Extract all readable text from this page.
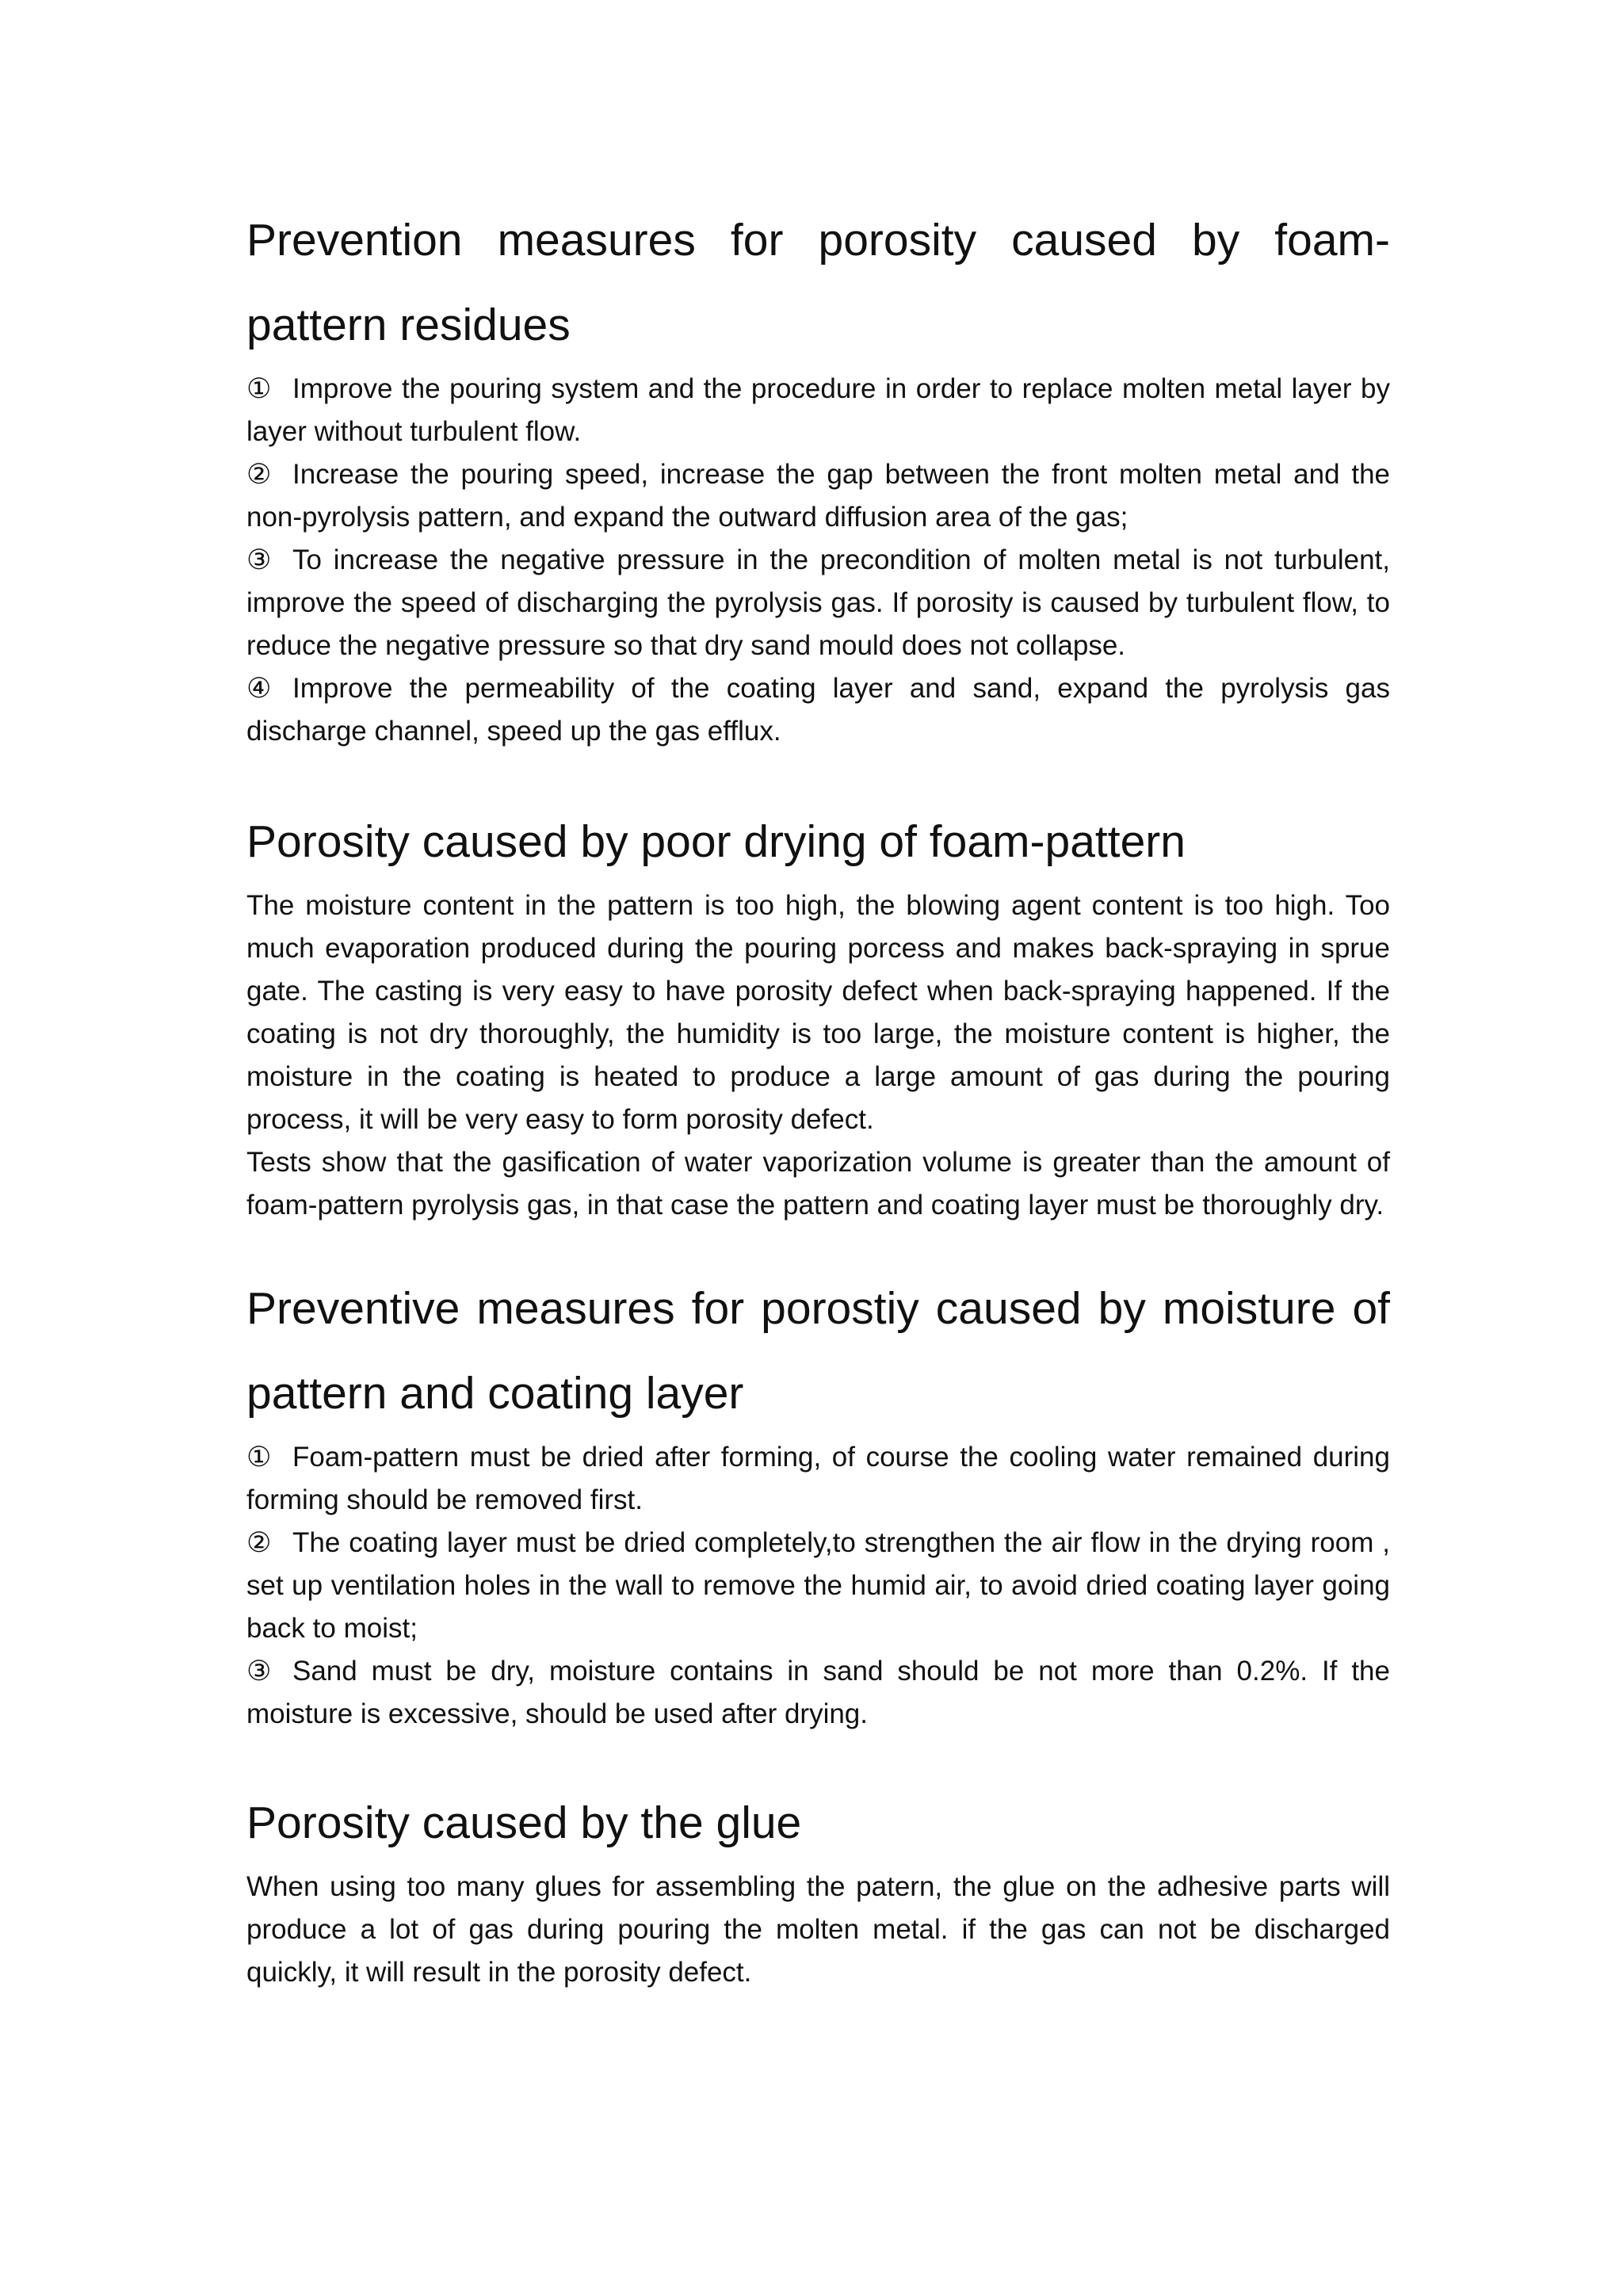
Prevention measures for porosity caused by foam-pattern residues

① Improve the pouring system and the procedure in order to replace molten metal layer by layer without turbulent flow.

② Increase the pouring speed, increase the gap between the front molten metal and the non-pyrolysis pattern, and expand the outward diffusion area of the gas;

③ To increase the negative pressure in the precondition of molten metal is not turbulent, improve the speed of discharging the pyrolysis gas. If porosity is caused by turbulent flow, to reduce the negative pressure so that dry sand mould does not collapse.

④ Improve the permeability of the coating layer and sand, expand the pyrolysis gas discharge channel, speed up the gas efflux.

Porosity caused by poor drying of foam-pattern

The moisture content in the pattern is too high, the blowing agent content is too high. Too much evaporation produced during the pouring porcess and makes back-spraying in sprue gate. The casting is very easy to have porosity defect when back-spraying happened. If the coating is not dry thoroughly, the humidity is too large, the moisture content is higher, the moisture in the coating is heated to produce a large amount of gas during the pouring process, it will be very easy to form porosity defect.

Tests show that the gasification of water vaporization volume is greater than the amount of foam-pattern pyrolysis gas, in that case the pattern and coating layer must be thoroughly dry.

Preventive measures for porostiy caused by moisture of pattern and coating layer

① Foam-pattern must be dried after forming, of course the cooling water remained during forming should be removed first.

② The coating layer must be dried completely,to strengthen the air flow in the drying room , set up ventilation holes in the wall to remove the humid air, to avoid dried coating layer going back to moist;

③ Sand must be dry, moisture contains in sand should be not more than 0.2%. If the moisture is excessive, should be used after drying.

Porosity caused by the glue

When using too many glues for assembling the patern, the glue on the adhesive parts will produce a lot of gas during pouring the molten metal. if the gas can not be discharged quickly, it will result in the porosity defect.
